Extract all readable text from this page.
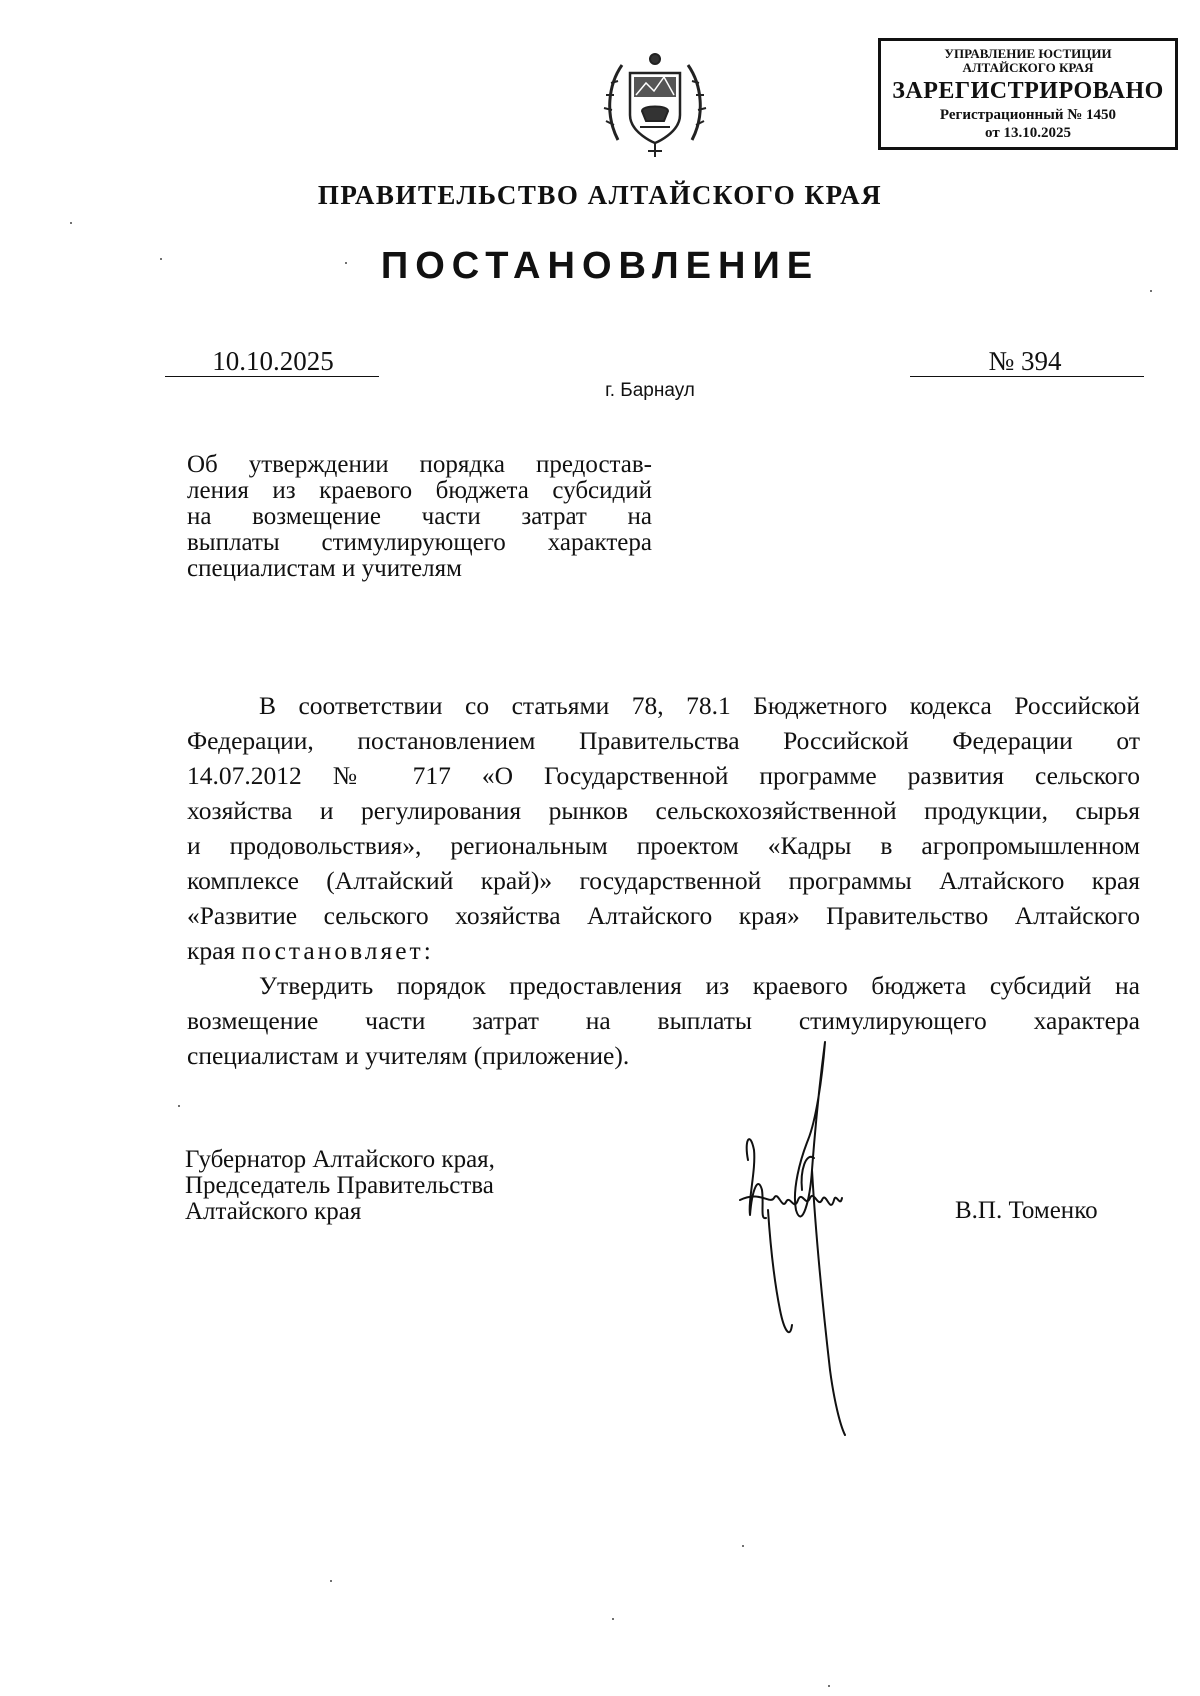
УПРАВЛЕНИЕ ЮСТИЦИИ
АЛТАЙСКОГО КРАЯ
ЗАРЕГИСТРИРОВАНО
Регистрационный № 1450
от 13.10.2025
ПРАВИТЕЛЬСТВО АЛТАЙСКОГО КРАЯ
ПОСТАНОВЛЕНИЕ
10.10.2025	№ 394
г. Барнаул
Об утверждении порядка предостав-
ления из краевого бюджета субсидий
на возмещение части затрат на
выплаты стимулирующего характера
специалистам и учителям
В соответствии со статьями 78, 78.1 Бюджетного кодекса Российской
Федерации, постановлением Правительства Российской Федерации от
14.07.2012 № 717 «О Государственной программе развития сельского
хозяйства и регулирования рынков сельскохозяйственной продукции, сырья
и продовольствия», региональным проектом «Кадры в агропромышленном
комплексе (Алтайский край)» государственной программы Алтайского края
«Развитие сельского хозяйства Алтайского края» Правительство Алтайского
края постановляет:
Утвердить порядок предоставления из краевого бюджета субсидий на
возмещение части затрат на выплаты стимулирующего характера
специалистам и учителям (приложение).
Губернатор Алтайского края,
Председатель Правительства
Алтайского края	В.П. Томенко
